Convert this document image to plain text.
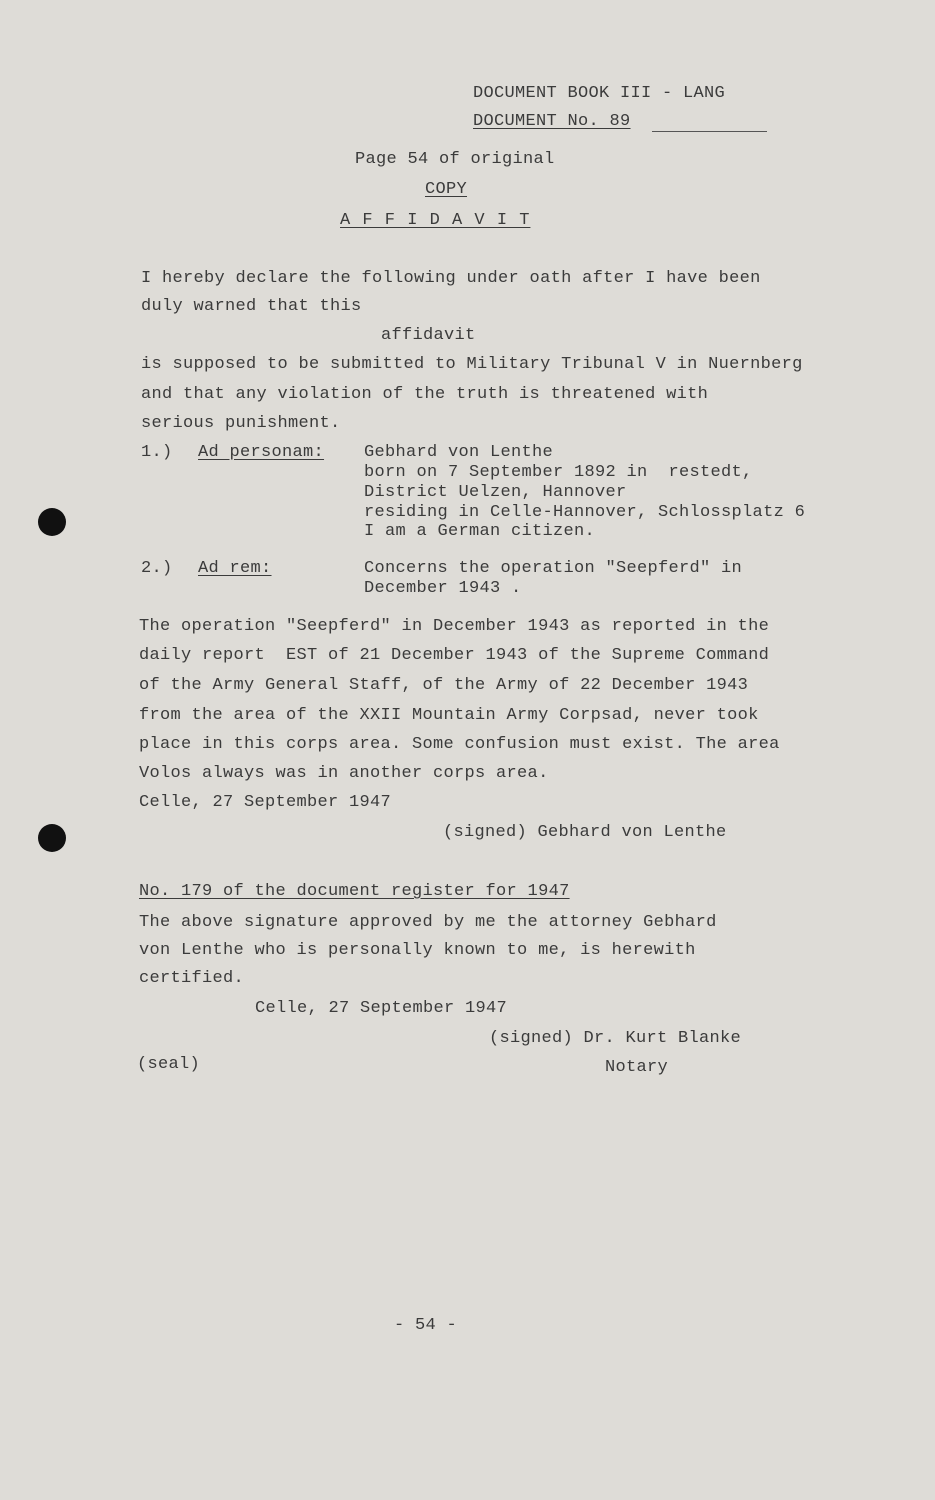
DOCUMENT BOOK III - LANG
DOCUMENT No. 89
Page 54 of original
COPY
A F F I D A V I T
I hereby declare the following under oath after I have been
duly warned that this
affidavit
is supposed to be submitted to Military Tribunal V in Nuernberg
and that any violation of the truth is threatened with
serious punishment.
1.) Ad personam: Gebhard von Lenthe
born on 7 September 1892 in  restedt,
District Uelzen, Hannover
residing in Celle-Hannover, Schlossplatz 6
I am a German citizen.
2.) Ad rem:	Concerns the operation "Seepferd" in
December 1943 .
The operation "Seepferd" in December 1943 as reported in the
daily report  EST of 21 December 1943 of the Supreme Command
of the Army General Staff, of the Army of 22 December 1943
from the area of the XXII Mountain Army Corpsad, never took
place in this corps area. Some confusion must exist. The area
Volos always was in another corps area.
Celle, 27 September 1947
(signed) Gebhard von Lenthe
No. 179 of the document register for 1947
The above signature approved by me the attorney Gebhard
von Lenthe who is personally known to me, is herewith
certified.
Celle, 27 September 1947
(signed) Dr. Kurt Blanke
(seal)	Notary
- 54 -
